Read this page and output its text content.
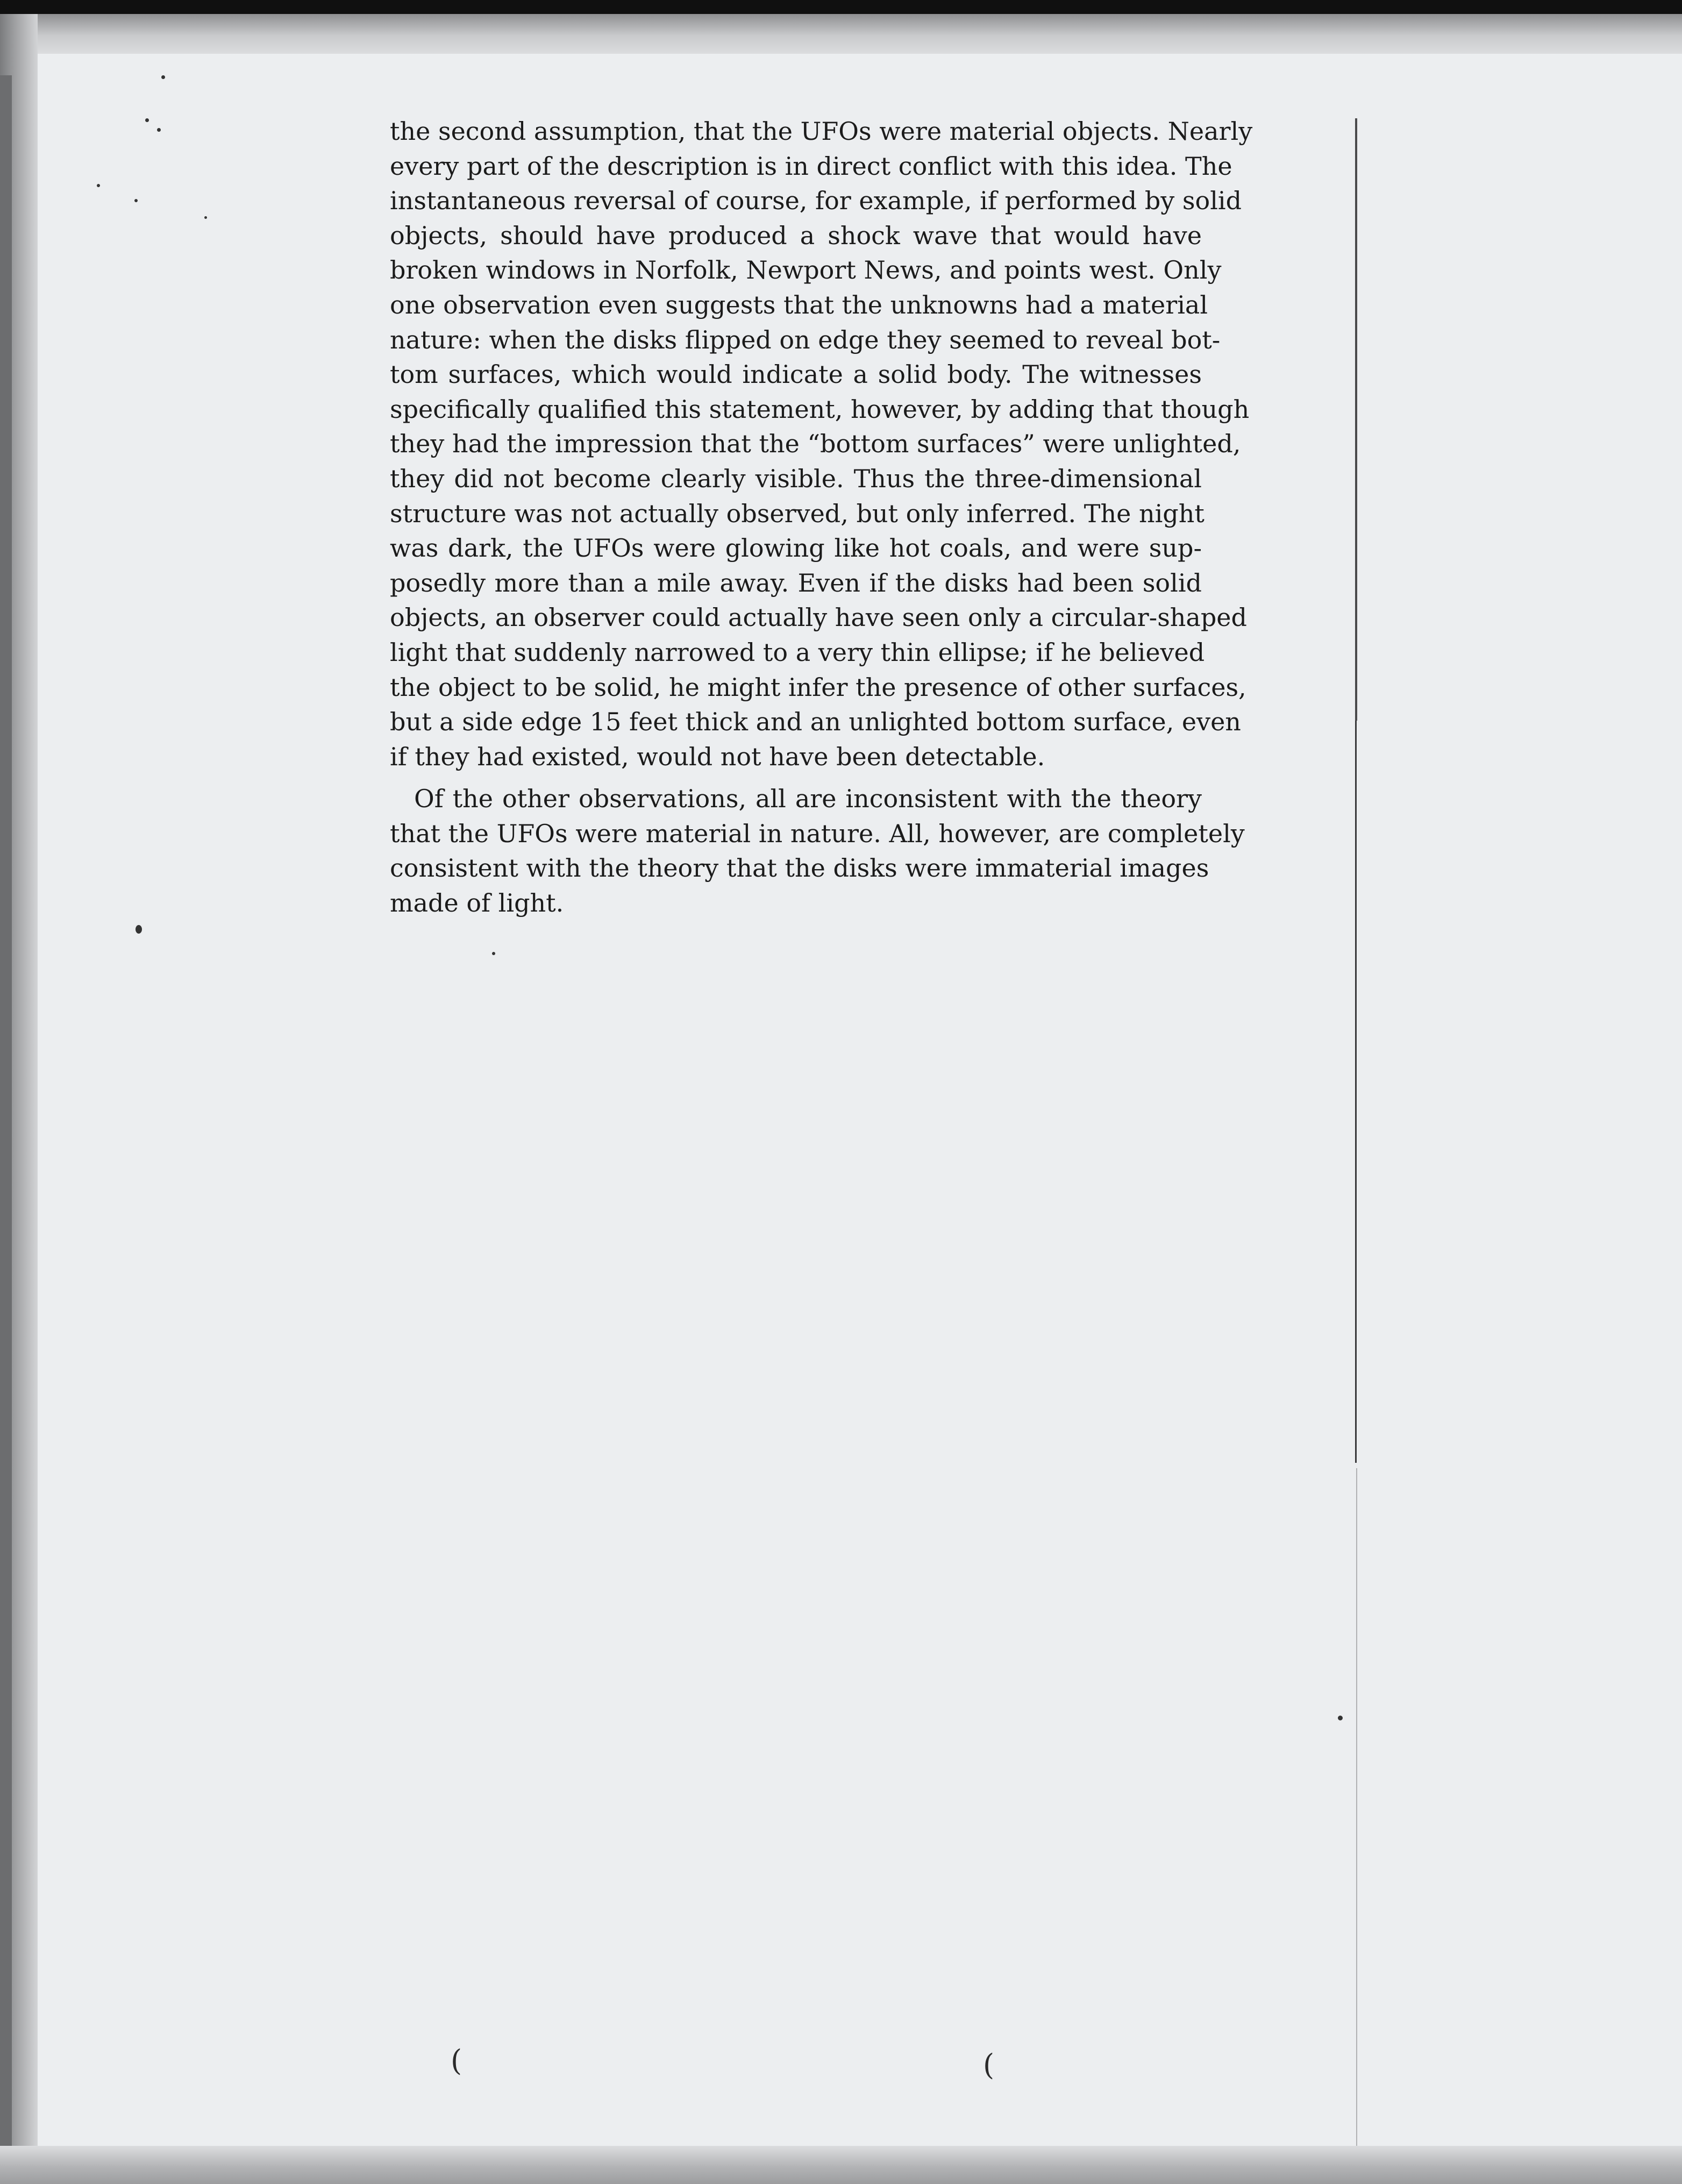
the second assumption, that the UFOs were material objects. Nearly
every part of the description is in direct conflict with this idea. The
instantaneous reversal of course, for example, if performed by solid
objects, should have produced a shock wave that would have
broken windows in Norfolk, Newport News, and points west. Only
one observation even suggests that the unknowns had a material
nature: when the disks flipped on edge they seemed to reveal bot-
tom surfaces, which would indicate a solid body. The witnesses
specifically qualified this statement, however, by adding that though
they had the impression that the “bottom surfaces” were unlighted,
they did not become clearly visible. Thus the three-dimensional
structure was not actually observed, but only inferred. The night
was dark, the UFOs were glowing like hot coals, and were sup-
posedly more than a mile away. Even if the disks had been solid
objects, an observer could actually have seen only a circular-shaped
light that suddenly narrowed to a very thin ellipse; if he believed
the object to be solid, he might infer the presence of other surfaces,
but a side edge 15 feet thick and an unlighted bottom surface, even
if they had existed, would not have been detectable.
Of the other observations, all are inconsistent with the theory
that the UFOs were material in nature. All, however, are completely
consistent with the theory that the disks were immaterial images
made of light.
(	(
